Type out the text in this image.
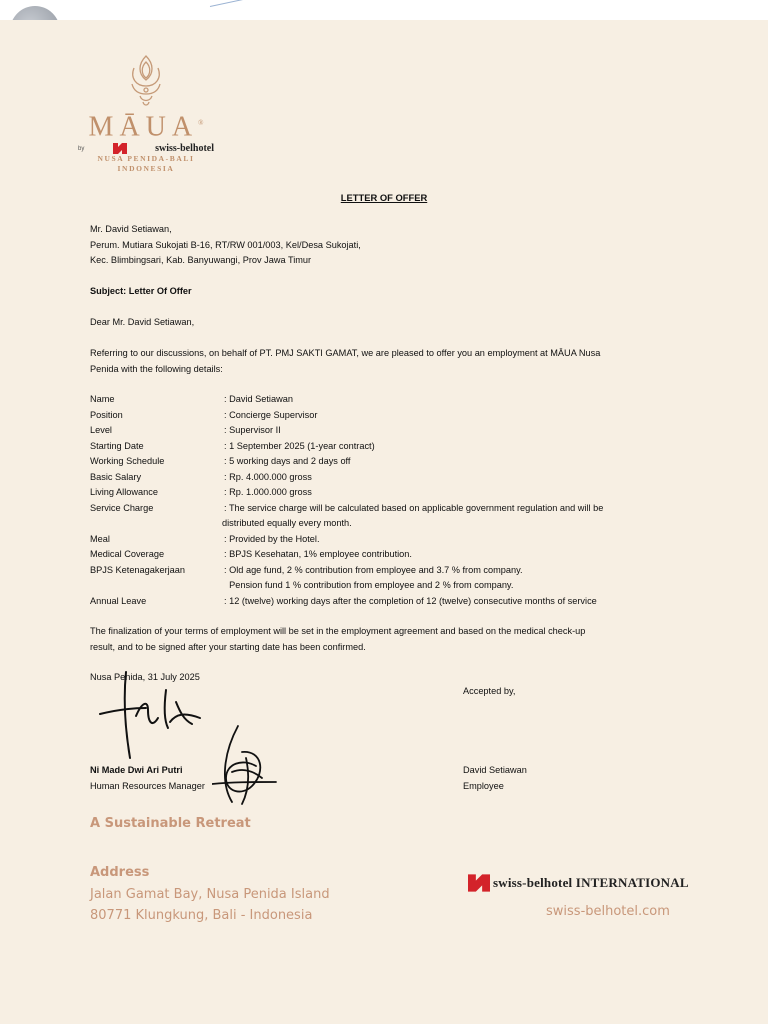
MĀUA®
by	swiss-belhotel
NUSA PENIDA-BALI
INDONESIA
LETTER OF OFFER
Mr. David Setiawan,
Perum. Mutiara Sukojati B-16, RT/RW 001/003, Kel/Desa Sukojati,
Kec. Blimbingsari, Kab. Banyuwangi, Prov Jawa Timur
Subject: Letter Of Offer
Dear Mr. David Setiawan,
Referring to our discussions, on behalf of PT. PMJ SAKTI GAMAT, we are pleased to offer you an employment at MĀUA Nusa
Penida with the following details:
Name	: David Setiawan
Position	: Concierge Supervisor
Level	: Supervisor II
Starting Date	: 1 September 2025 (1-year contract)
Working Schedule	: 5 working days and 2 days off
Basic Salary	: Rp. 4.000.000 gross
Living Allowance	: Rp. 1.000.000 gross
Service Charge	: The service charge will be calculated based on applicable government regulation and will be
distributed equally every month.
Meal	: Provided by the Hotel.
Medical Coverage	: BPJS Kesehatan, 1% employee contribution.
BPJS Ketenagakerjaan	: Old age fund, 2 % contribution from employee and 3.7 % from company.
Pension fund 1 % contribution from employee and 2 % from company.
Annual Leave	: 12 (twelve) working days after the completion of 12 (twelve) consecutive months of service
The finalization of your terms of employment will be set in the employment agreement and based on the medical check-up
result, and to be signed after your starting date has been confirmed.
Nusa Penida, 31 July 2025
Accepted by,
Ni Made Dwi Ari Putri
Human Resources Manager
David Setiawan
Employee
A Sustainable Retreat
Address
Jalan Gamat Bay, Nusa Penida Island
80771 Klungkung, Bali - Indonesia
swiss-belhotel INTERNATIONAL
swiss-belhotel.com
